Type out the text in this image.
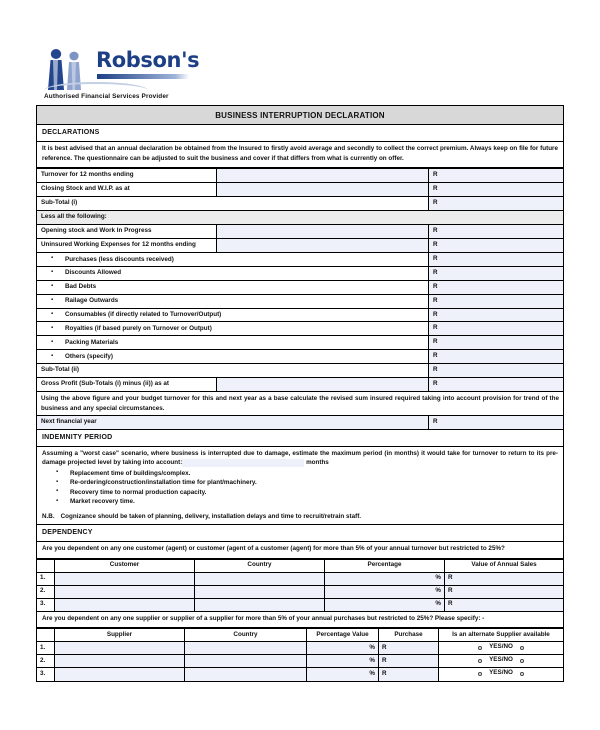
Robson's
Authorised Financial Services Provider
BUSINESS INTERRUPTION DECLARATION
DECLARATIONS
It is best advised that an annual declaration be obtained from the Insured to firstly avoid average and secondly to collect the correct premium. Always keep on file for future reference. The questionnaire can be adjusted to suit the business and cover if that differs from what is currently on offer.
Turnover for 12 months ending		R
Closing Stock and W.I.P. as at		R
Sub-Total (i)		R
Less all the following:		
Opening stock and Work In Progress		R
Uninsured Working Expenses for 12 months ending		R

▪ Purchases (less discounts received)	R

▪ Discounts Allowed	R

▪ Bad Debts	R

▪ Railage Outwards	R

▪ Consumables (if directly related to Turnover/Output)	R

▪ Royalties (if based purely on Turnover or Output)	R

▪ Packing Materials	R

▪ Others (specify)	R
Sub-Total (ii)		R
Gross Profit (Sub-Totals (i) minus (ii)) as at		R
Using the above figure and your budget turnover for this and next year as a base calculate the revised sum insured required taking into account provision for trend of the business and any special circumstances.		
Next financial year		R
INDEMNITY PERIOD
Assuming a "worst case" scenario, where business is interrupted due to damage, estimate the maximum period (in months) it would take for turnover to return to its pre-damage projected level by taking into account:	months
▪ Replacement time of buildings/complex.
▪ Re-ordering/construction/installation time for plant/machinery.
▪ Recovery time to normal production capacity.
▪ Market recovery time.
N.B. Cognizance should be taken of planning, delivery, installation delays and time to recruit/retrain staff.
DEPENDENCY
Are you dependent on any one customer (agent) or customer (agent of a customer (agent) for more than 5% of your annual turnover but restricted to 25%?
	Customer	Country	Percentage	Value of Annual Sales
1.			%	R
2.			%	R
3.			%	R
Are you dependent on any one supplier or supplier of a supplier for more than 5% of your annual purchases but restricted to 25%? Please specify: -
	Supplier	Country	Percentage Value	Purchase	Is an alternate Supplier available
1.			%	R	YES/NO
2.			%	R	YES/NO
3.			%	R	YES/NO
